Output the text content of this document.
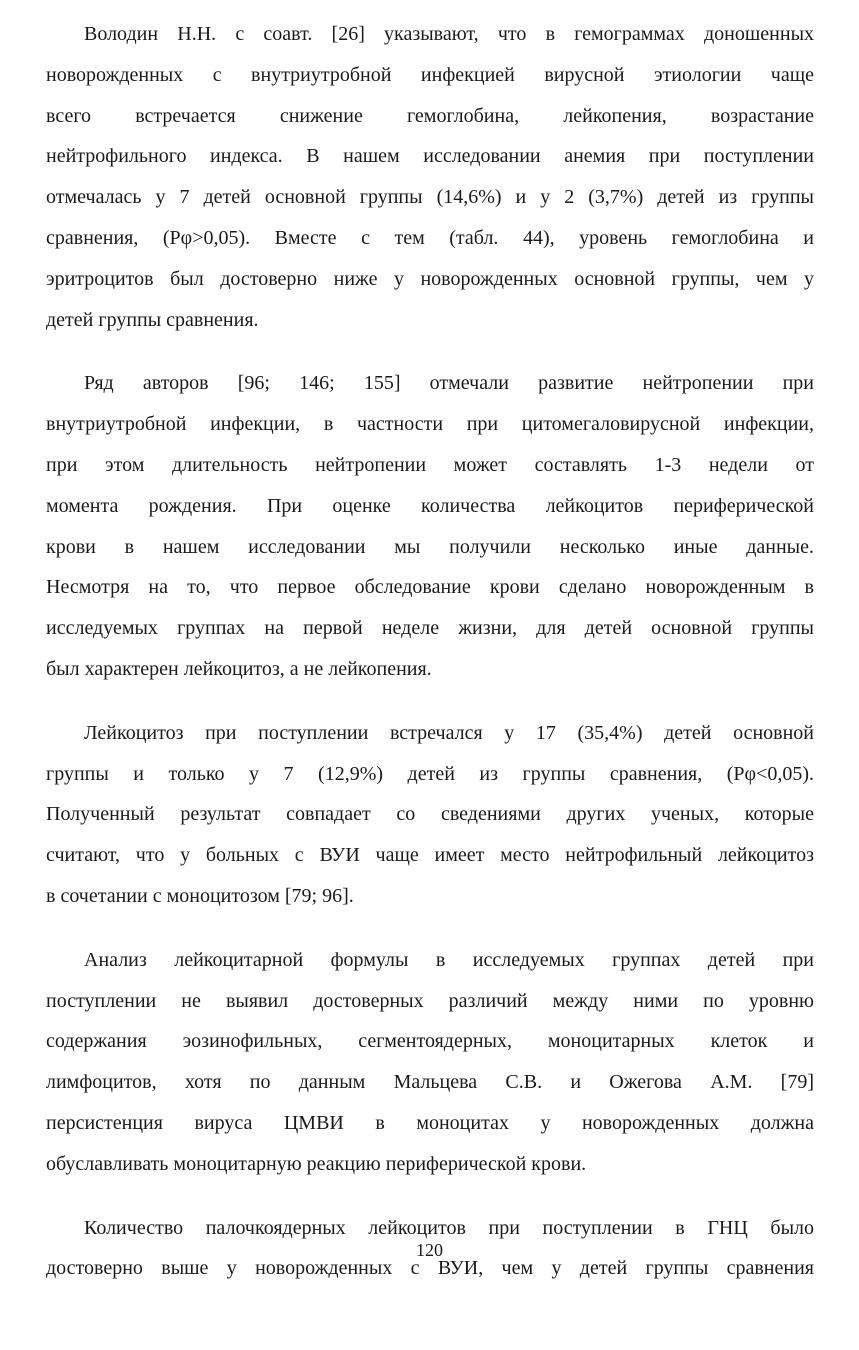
Володин Н.Н. с соавт. [26] указывают, что в гемограммах доношенных
новорожденных с внутриутробной инфекцией вирусной этиологии чаще
всего встречается снижение гемоглобина, лейкопения, возрастание
нейтрофильного индекса. В нашем исследовании анемия при поступлении
отмечалась у 7 детей основной группы (14,6%) и у 2 (3,7%) детей из группы
сравнения, (Рφ>0,05). Вместе с тем (табл. 44), уровень гемоглобина и
эритроцитов был достоверно ниже у новорожденных основной группы, чем у
детей группы сравнения.
Ряд авторов [96; 146; 155] отмечали развитие нейтропении при
внутриутробной инфекции, в частности при цитомегаловирусной инфекции,
при этом длительность нейтропении может составлять 1-3 недели от
момента рождения. При оценке количества лейкоцитов периферической
крови в нашем исследовании мы получили несколько иные данные.
Несмотря на то, что первое обследование крови сделано новорожденным в
исследуемых группах на первой неделе жизни, для детей основной группы
был характерен лейкоцитоз, а не лейкопения.
Лейкоцитоз при поступлении встречался у 17 (35,4%) детей основной
группы и только у 7 (12,9%) детей из группы сравнения, (Рφ<0,05).
Полученный результат совпадает со сведениями других ученых, которые
считают, что у больных с ВУИ чаще имеет место нейтрофильный лейкоцитоз
в сочетании с моноцитозом [79; 96].
Анализ лейкоцитарной формулы в исследуемых группах детей при
поступлении не выявил достоверных различий между ними по уровню
содержания эозинофильных, сегментоядерных, моноцитарных клеток и
лимфоцитов, хотя по данным Мальцева С.В. и Ожегова А.М. [79]
персистенция вируса ЦМВИ в моноцитах у новорожденных должна
обуславливать моноцитарную реакцию периферической крови.
Количество палочкоядерных лейкоцитов при поступлении в ГНЦ было
достоверно выше у новорожденных с ВУИ, чем у детей группы сравнения
120
